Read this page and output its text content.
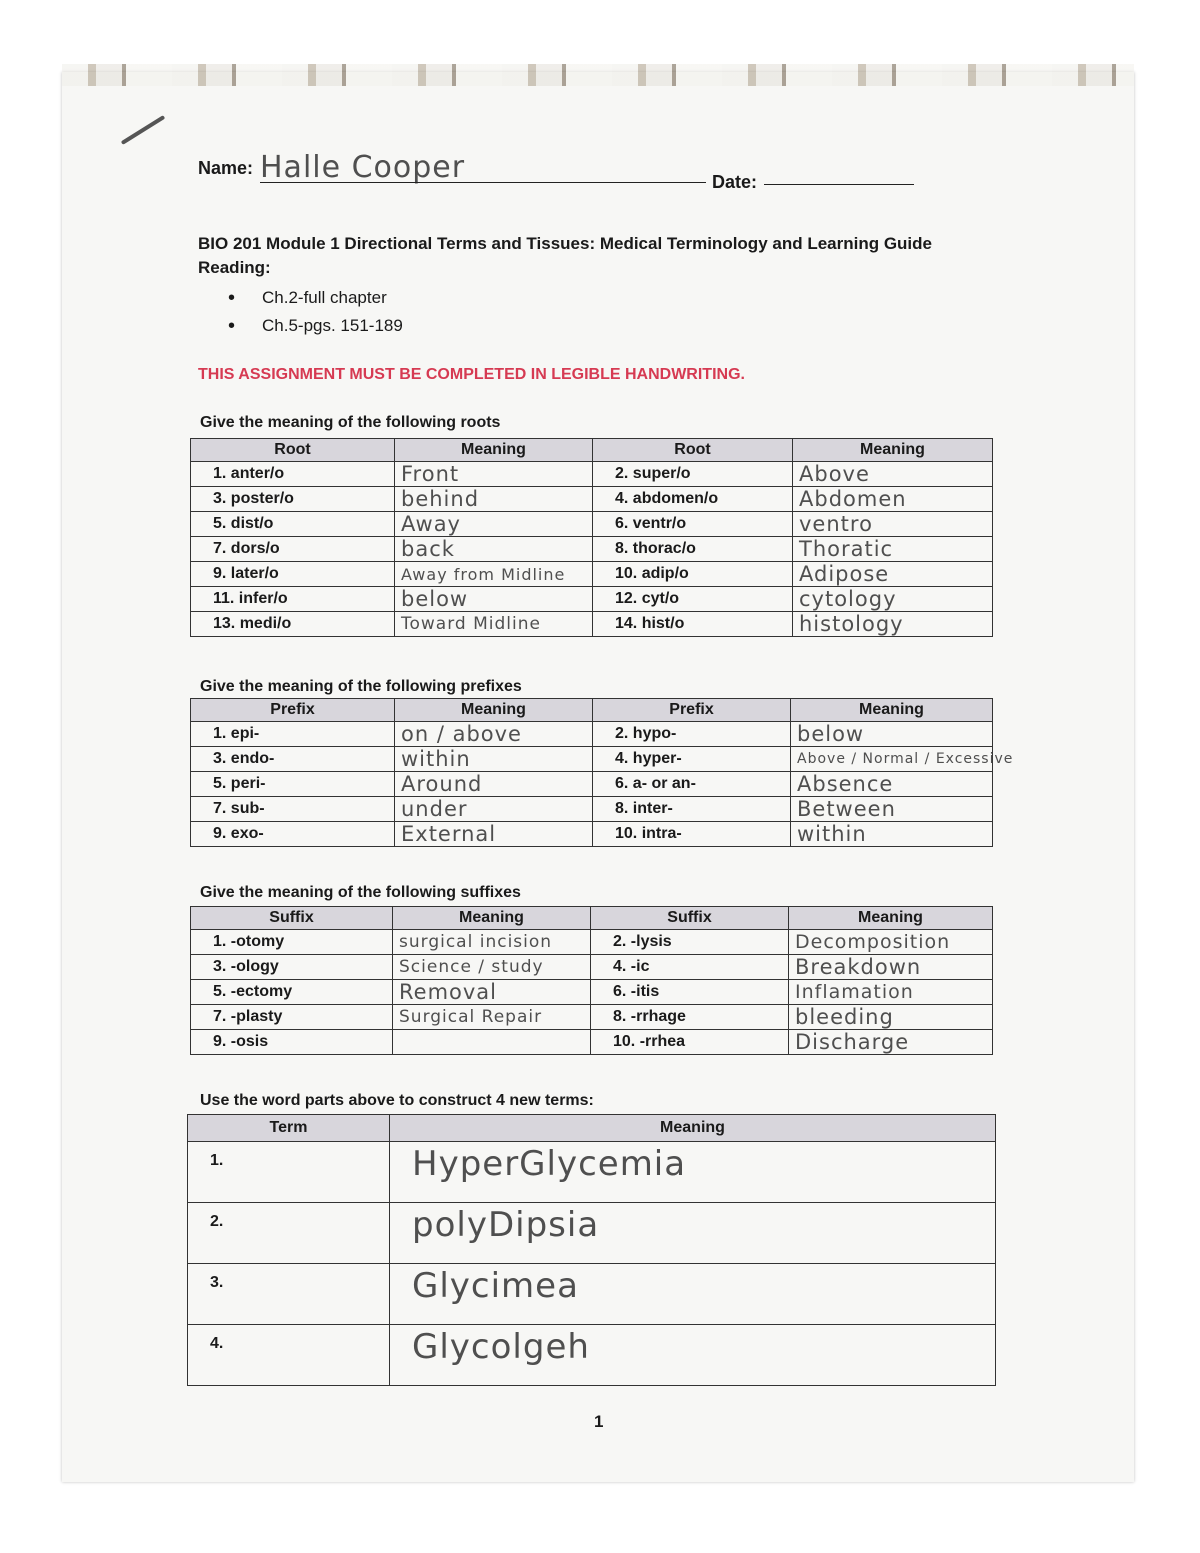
Name: Halle Cooper	Date:
BIO 201 Module 1 Directional Terms and Tissues: Medical Terminology and Learning Guide
Reading:
• Ch.2-full chapter
• Ch.5-pgs. 151-189
THIS ASSIGNMENT MUST BE COMPLETED IN LEGIBLE HANDWRITING.
Give the meaning of the following roots
Root	Meaning	Root	Meaning
1. anter/o	Front	2. super/o	Above
3. poster/o	behind	4. abdomen/o	Abdomen
5. dist/o	Away	6. ventr/o	ventro
7. dors/o	back	8. thorac/o	Thoratic
9. later/o	Away from Midline	10. adip/o	Adipose
11. infer/o	below	12. cyt/o	cytology
13. medi/o	Toward Midline	14. hist/o	histology
Give the meaning of the following prefixes
Prefix	Meaning	Prefix	Meaning
1. epi-	on / above	2. hypo-	below
3. endo-	within	4. hyper-	Above / Normal / Excessive
5. peri-	Around	6. a- or an-	Absence
7. sub-	under	8. inter-	Between
9. exo-	External	10. intra-	within
Give the meaning of the following suffixes
Suffix	Meaning	Suffix	Meaning
1. -otomy	surgical incision	2. -lysis	Decomposition
3. -ology	Science / study	4. -ic	Breakdown
5. -ectomy	Removal	6. -itis	Inflamation
7. -plasty	Surgical Repair	8. -rrhage	bleeding
9. -osis		10. -rrhea	Discharge
Use the word parts above to construct 4 new terms:
Term	Meaning
1.	HyperGlycemia
2.	polyDipsia
3.	Glycimea
4.	Glycolgeh
1
